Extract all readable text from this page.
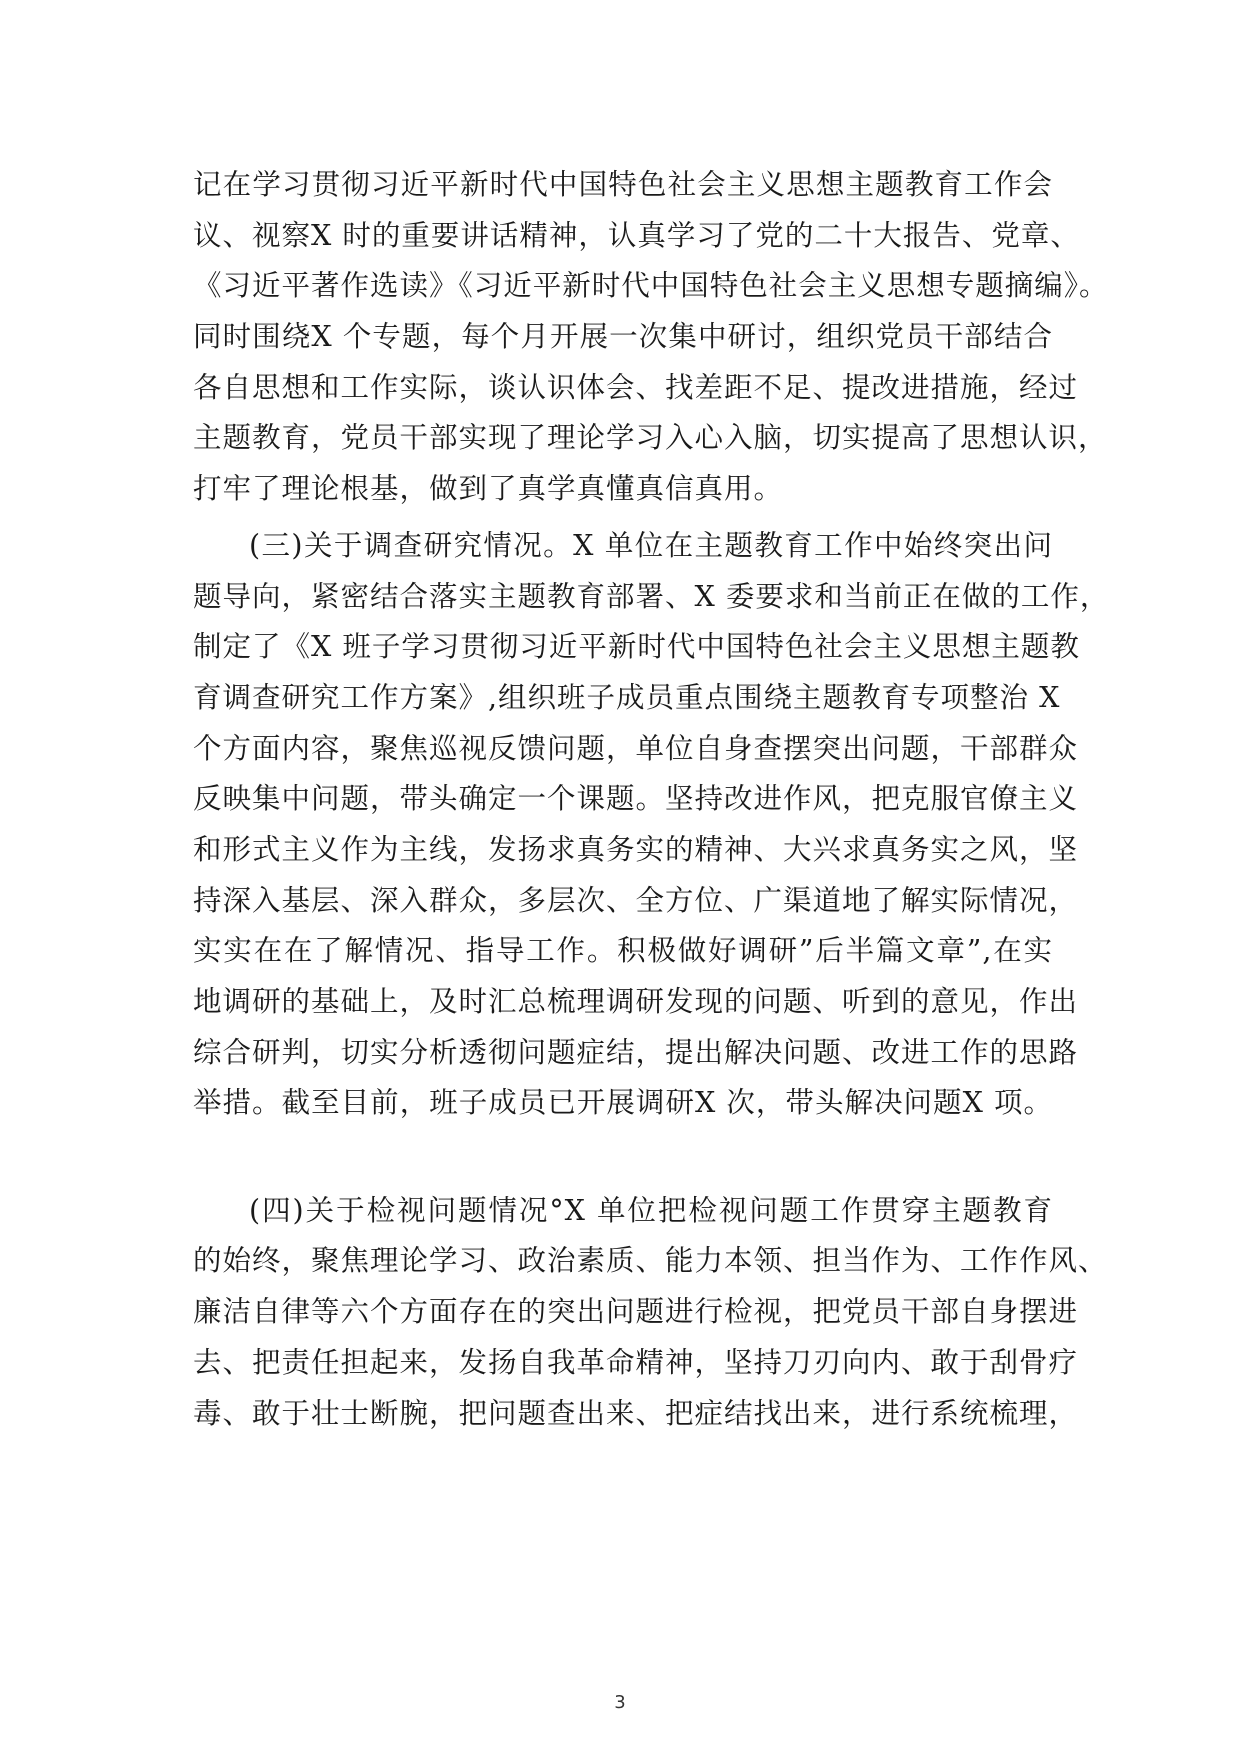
记在学习贯彻习近平新时代中国特色社会主义思想主题教育工作会
议、视察X 时的重要讲话精神，认真学习了党的二十大报告、党章、
《习近平著作选读》《习近平新时代中国特色社会主义思想专题摘编》。
同时围绕X 个专题，每个月开展一次集中研讨，组织党员干部结合
各自思想和工作实际，谈认识体会、找差距不足、提改进措施，经过
主题教育，党员干部实现了理论学习入心入脑，切实提高了思想认识，
打牢了理论根基，做到了真学真懂真信真用。
(三)关于调查研究情况。X 单位在主题教育工作中始终突出问
题导向，紧密结合落实主题教育部署、X 委要求和当前正在做的工作，
制定了《X 班子学习贯彻习近平新时代中国特色社会主义思想主题教
育调查研究工作方案》,组织班子成员重点围绕主题教育专项整治 X
个方面内容，聚焦巡视反馈问题，单位自身查摆突出问题，干部群众
反映集中问题，带头确定一个课题。坚持改进作风，把克服官僚主义
和形式主义作为主线，发扬求真务实的精神、大兴求真务实之风，坚
持深入基层、深入群众，多层次、全方位、广渠道地了解实际情况，
实实在在了解情况、指导工作。积极做好调研”后半篇文章”,在实
地调研的基础上，及时汇总梳理调研发现的问题、听到的意见，作出
综合研判，切实分析透彻问题症结，提出解决问题、改进工作的思路
举措。截至目前，班子成员已开展调研X 次，带头解决问题X 项。
(四)关于检视问题情况°X 单位把检视问题工作贯穿主题教育
的始终，聚焦理论学习、政治素质、能力本领、担当作为、工作作风、
廉洁自律等六个方面存在的突出问题进行检视，把党员干部自身摆进
去、把责任担起来，发扬自我革命精神，坚持刀刃向内、敢于刮骨疗
毒、敢于壮士断腕，把问题查出来、把症结找出来，进行系统梳理，
3
